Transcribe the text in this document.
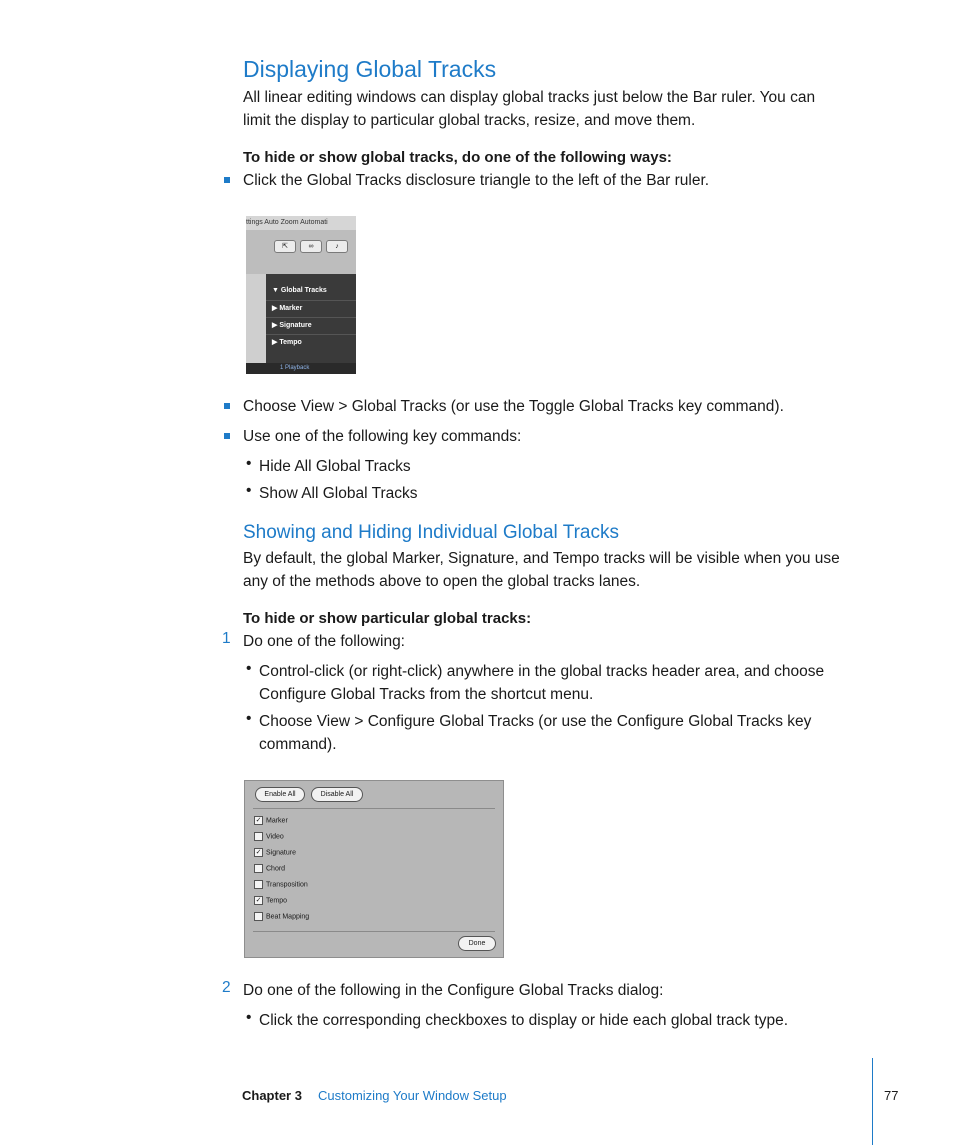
Displaying Global Tracks
All linear editing windows can display global tracks just below the Bar ruler. You can
limit the display to particular global tracks, resize, and move them.
To hide or show global tracks, do one of the following ways:
Click the Global Tracks disclosure triangle to the left of the Bar ruler.
ttings Auto Zoom Automati
⇱	∞	♪
▼ Global Tracks
▶ Marker
▶ Signature
▶ Tempo
1 Playback
Choose View > Global Tracks (or use the Toggle Global Tracks key command).
Use one of the following key commands:
• Hide All Global Tracks
• Show All Global Tracks
Showing and Hiding Individual Global Tracks
By default, the global Marker, Signature, and Tempo tracks will be visible when you use
any of the methods above to open the global tracks lanes.
To hide or show particular global tracks:
1 Do one of the following:
• Control-click (or right-click) anywhere in the global tracks header area, and choose
Configure Global Tracks from the shortcut menu.
• Choose View > Configure Global Tracks (or use the Configure Global Tracks key
command).
Enable All	Disable All
✓ Marker
Video
✓ Signature
Chord
Transposition
✓ Tempo
Beat Mapping
Done
2 Do one of the following in the Configure Global Tracks dialog:
• Click the corresponding checkboxes to display or hide each global track type.
Chapter 3 Customizing Your Window Setup	77
